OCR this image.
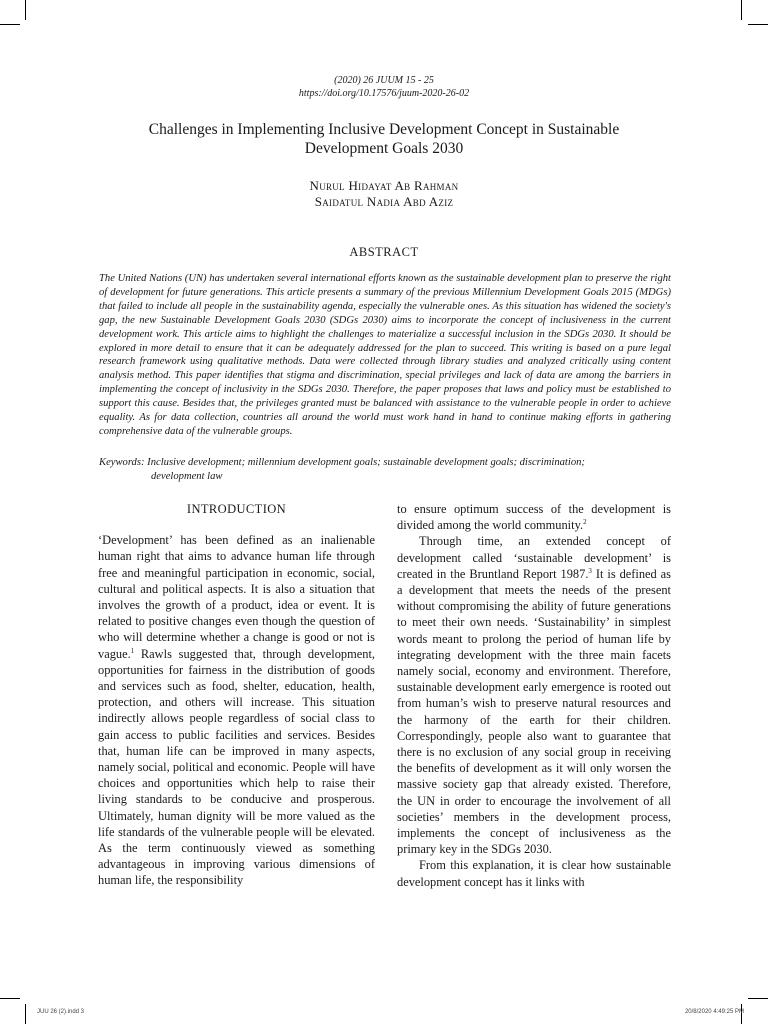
(2020) 26 JUUM 15 - 25
https://doi.org/10.17576/juum-2020-26-02
Challenges in Implementing Inclusive Development Concept in Sustainable
Development Goals 2030
Nurul Hidayat Ab Rahman
Saidatul Nadia Abd Aziz
ABSTRACT

The United Nations (UN) has undertaken several international efforts known as the sustainable development plan to preserve the right of development for future generations. This article presents a summary of the previous Millennium Development Goals 2015 (MDGs) that failed to include all people in the sustainability agenda, especially the vulnerable ones. As this situation has widened the society's gap, the new Sustainable Development Goals 2030 (SDGs 2030) aims to incorporate the concept of inclusiveness in the current development work. This article aims to highlight the challenges to materialize a successful inclusion in the SDGs 2030. It should be explored in more detail to ensure that it can be adequately addressed for the plan to succeed. This writing is based on a pure legal research framework using qualitative methods. Data were collected through library studies and analyzed critically using content analysis method. This paper identifies that stigma and discrimination, special privileges and lack of data are among the barriers in implementing the concept of inclusivity in the SDGs 2030. Therefore, the paper proposes that laws and policy must be established to support this cause. Besides that, the privileges granted must be balanced with assistance to the vulnerable people in order to achieve equality. As for data collection, countries all around the world must work hand in hand to continue making efforts in gathering comprehensive data of the vulnerable groups.

Keywords: Inclusive development; millennium development goals; sustainable development goals; discrimination;
development law

INTRODUCTION

‘Development’ has been defined as an inalienable human right that aims to advance human life through free and meaningful participation in economic, social, cultural and political aspects. It is also a situation that involves the growth of a product, idea or event. It is related to positive changes even though the question of who will determine whether a change is good or not is vague.$^1$ Rawls suggested that, through development, opportunities for fairness in the distribution of goods and services such as food, shelter, education, health, protection, and others will increase. This situation indirectly allows people regardless of social class to gain access to public facilities and services. Besides that, human life can be improved in many aspects, namely social, political and economic. People will have choices and opportunities which help to raise their living standards to be conducive and prosperous. Ultimately, human dignity will be more valued as the life standards of the vulnerable people will be elevated. As the term continuously viewed as something advantageous in improving various dimensions of human life, the responsibility

to ensure optimum success of the development is divided among the world community.$^2$

Through time, an extended concept of development called ‘sustainable development’ is created in the Bruntland Report 1987.$^3$ It is defined as a development that meets the needs of the present without compromising the ability of future generations to meet their own needs. ‘Sustainability’ in simplest words meant to prolong the period of human life by integrating development with the three main facets namely social, economy and environment. Therefore, sustainable development early emergence is rooted out from human’s wish to preserve natural resources and the harmony of the earth for their children. Correspondingly, people also want to guarantee that there is no exclusion of any social group in receiving the benefits of development as it will only worsen the massive society gap that already existed. Therefore, the UN in order to encourage the involvement of all societies’ members in the development process, implements the concept of inclusiveness as the primary key in the SDGs 2030.

From this explanation, it is clear how sustainable development concept has it links with

JUU 26 (2).indd 3	20/8/2020 4:49:25 PM
